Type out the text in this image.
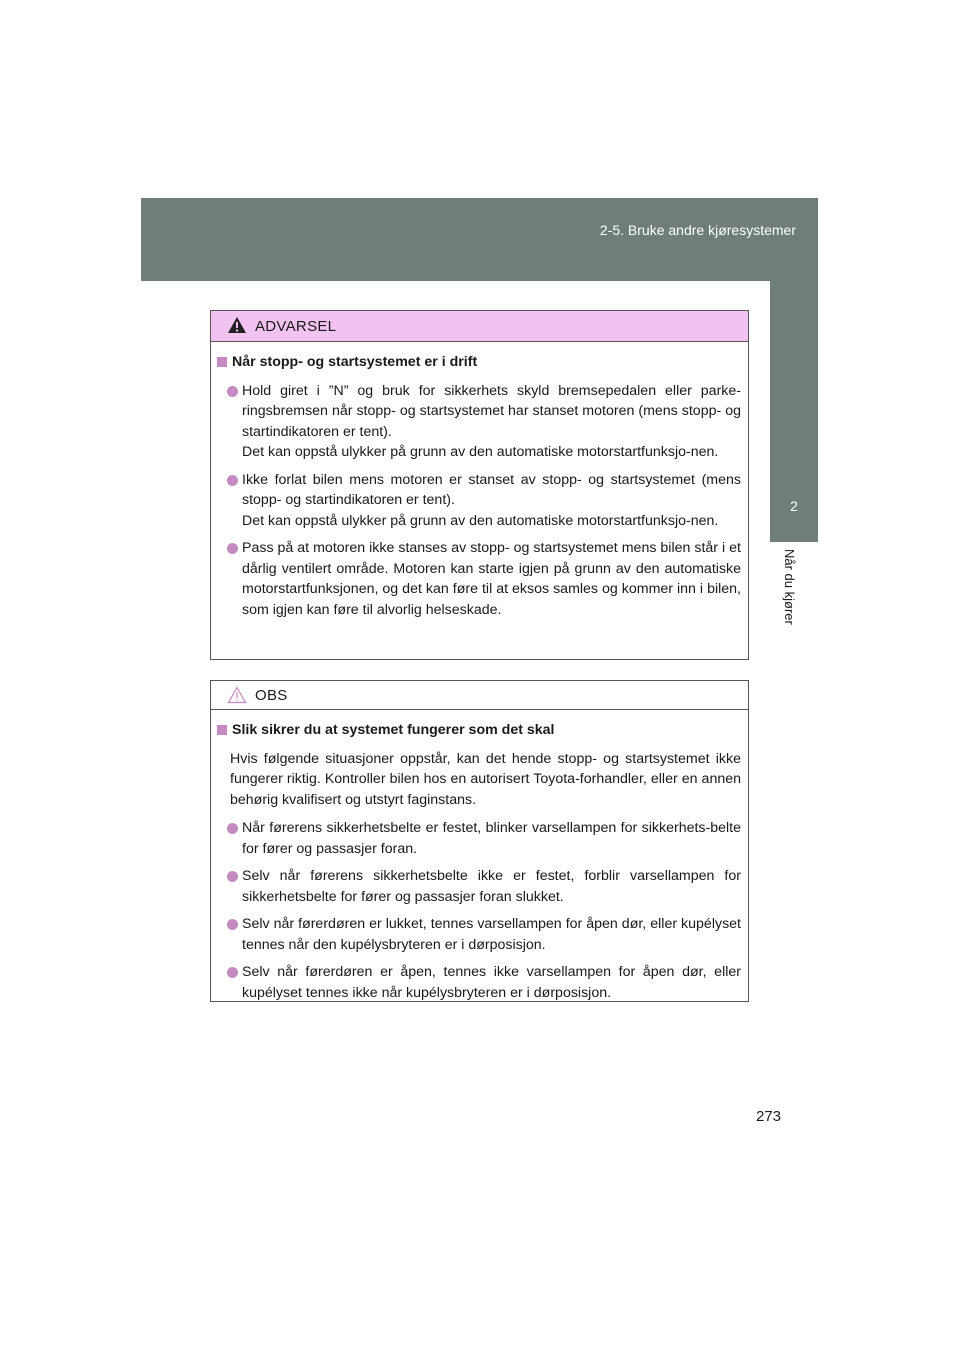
2-5. Bruke andre kjøresystemer
2
Når du kjører
ADVARSEL
Når stopp- og startsystemet er i drift
Hold giret i ”N” og bruk for sikkerhets skyld bremsepedalen eller parke-ringsbremsen når stopp- og startsystemet har stanset motoren (mens stopp- og startindikatoren er tent).
Det kan oppstå ulykker på grunn av den automatiske motorstartfunksjo-nen.
Ikke forlat bilen mens motoren er stanset av stopp- og startsystemet (mens stopp- og startindikatoren er tent).
Det kan oppstå ulykker på grunn av den automatiske motorstartfunksjo-nen.
Pass på at motoren ikke stanses av stopp- og startsystemet mens bilen står i et dårlig ventilert område. Motoren kan starte igjen på grunn av den automatiske motorstartfunksjonen, og det kan føre til at eksos samles og kommer inn i bilen, som igjen kan føre til alvorlig helseskade.
OBS
Slik sikrer du at systemet fungerer som det skal
Hvis følgende situasjoner oppstår, kan det hende stopp- og startsystemet ikke fungerer riktig. Kontroller bilen hos en autorisert Toyota-forhandler, eller en annen behørig kvalifisert og utstyrt faginstans.
Når førerens sikkerhetsbelte er festet, blinker varsellampen for sikkerhets-belte for fører og passasjer foran.
Selv når førerens sikkerhetsbelte ikke er festet, forblir varsellampen for sikkerhetsbelte for fører og passasjer foran slukket.
Selv når førerdøren er lukket, tennes varsellampen for åpen dør, eller kupélyset tennes når den kupélysbryteren er i dørposisjon.
Selv når førerdøren er åpen, tennes ikke varsellampen for åpen dør, eller kupélyset tennes ikke når kupélysbryteren er i dørposisjon.
273
